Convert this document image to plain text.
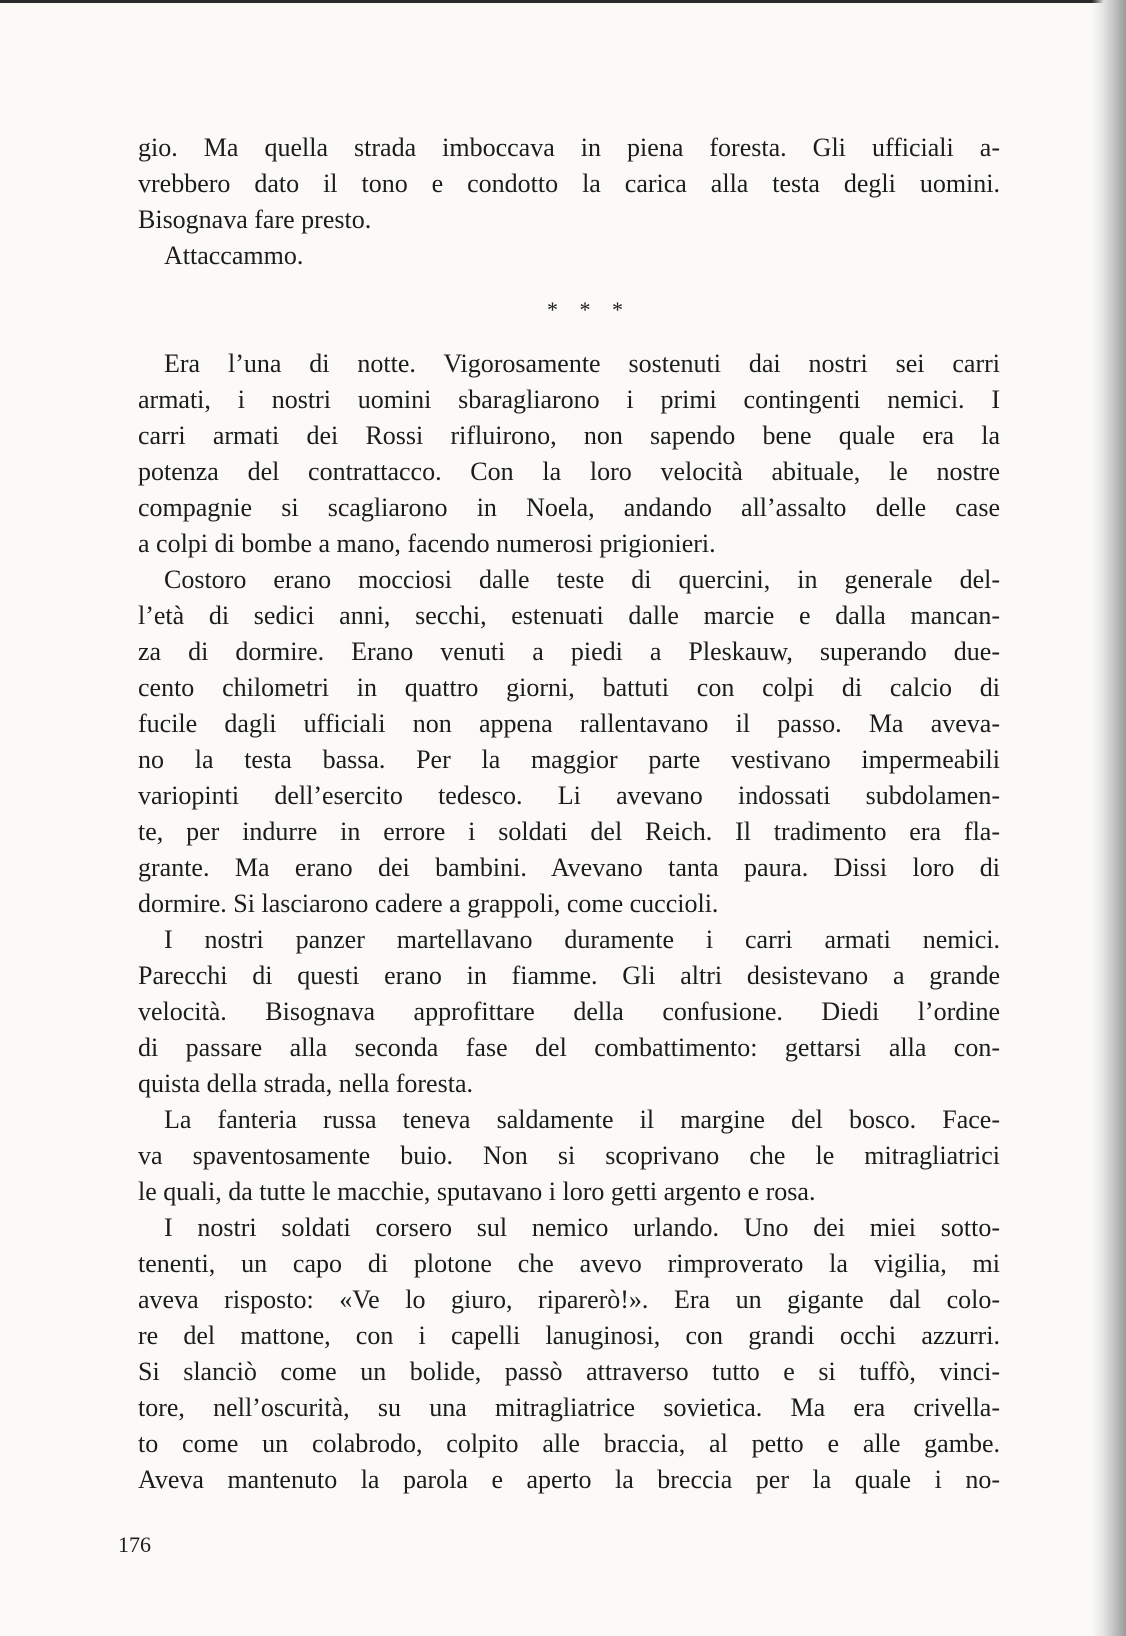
gio. Ma quella strada imboccava in piena foresta. Gli ufficiali a-
vrebbero dato il tono e condotto la carica alla testa degli uomini.
Bisognava fare presto.
Attaccammo.
* * *
Era l’una di notte. Vigorosamente sostenuti dai nostri sei carri
armati, i nostri uomini sbaragliarono i primi contingenti nemici. I
carri armati dei Rossi rifluirono, non sapendo bene quale era la
potenza del contrattacco. Con la loro velocità abituale, le nostre
compagnie si scagliarono in Noela, andando all’assalto delle case
a colpi di bombe a mano, facendo numerosi prigionieri.
Costoro erano mocciosi dalle teste di quercini, in generale del-
l’età di sedici anni, secchi, estenuati dalle marcie e dalla mancan-
za di dormire. Erano venuti a piedi a Pleskauw, superando due-
cento chilometri in quattro giorni, battuti con colpi di calcio di
fucile dagli ufficiali non appena rallentavano il passo. Ma aveva-
no la testa bassa. Per la maggior parte vestivano impermeabili
variopinti dell’esercito tedesco. Li avevano indossati subdolamen-
te, per indurre in errore i soldati del Reich. Il tradimento era fla-
grante. Ma erano dei bambini. Avevano tanta paura. Dissi loro di
dormire. Si lasciarono cadere a grappoli, come cuccioli.
I nostri panzer martellavano duramente i carri armati nemici.
Parecchi di questi erano in fiamme. Gli altri desistevano a grande
velocità. Bisognava approfittare della confusione. Diedi l’ordine
di passare alla seconda fase del combattimento: gettarsi alla con-
quista della strada, nella foresta.
La fanteria russa teneva saldamente il margine del bosco. Face-
va spaventosamente buio. Non si scoprivano che le mitragliatrici
le quali, da tutte le macchie, sputavano i loro getti argento e rosa.
I nostri soldati corsero sul nemico urlando. Uno dei miei sotto-
tenenti, un capo di plotone che avevo rimproverato la vigilia, mi
aveva risposto: «Ve lo giuro, riparerò!». Era un gigante dal colo-
re del mattone, con i capelli lanuginosi, con grandi occhi azzurri.
Si slanciò come un bolide, passò attraverso tutto e si tuffò, vinci-
tore, nell’oscurità, su una mitragliatrice sovietica. Ma era crivella-
to come un colabrodo, colpito alle braccia, al petto e alle gambe.
Aveva mantenuto la parola e aperto la breccia per la quale i no-
176
